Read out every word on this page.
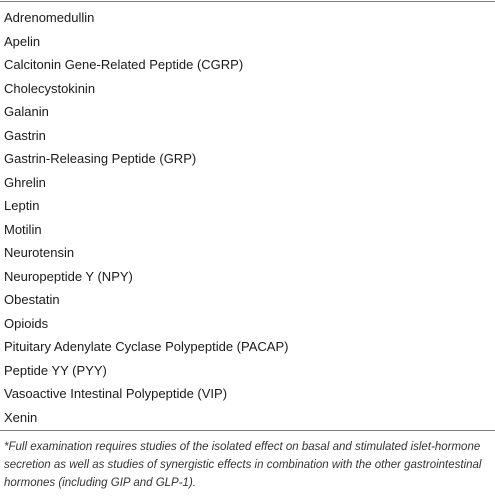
Adrenomedullin
Apelin
Calcitonin Gene-Related Peptide (CGRP)
Cholecystokinin
Galanin
Gastrin
Gastrin-Releasing Peptide (GRP)
Ghrelin
Leptin
Motilin
Neurotensin
Neuropeptide Y (NPY)
Obestatin
Opioids
Pituitary Adenylate Cyclase Polypeptide (PACAP)
Peptide YY (PYY)
Vasoactive Intestinal Polypeptide (VIP)
Xenin

*Full examination requires studies of the isolated effect on basal and stimulated islet-hormone secretion as well as studies of synergistic effects in combination with the other gastrointestinal hormones (including GIP and GLP-1).
